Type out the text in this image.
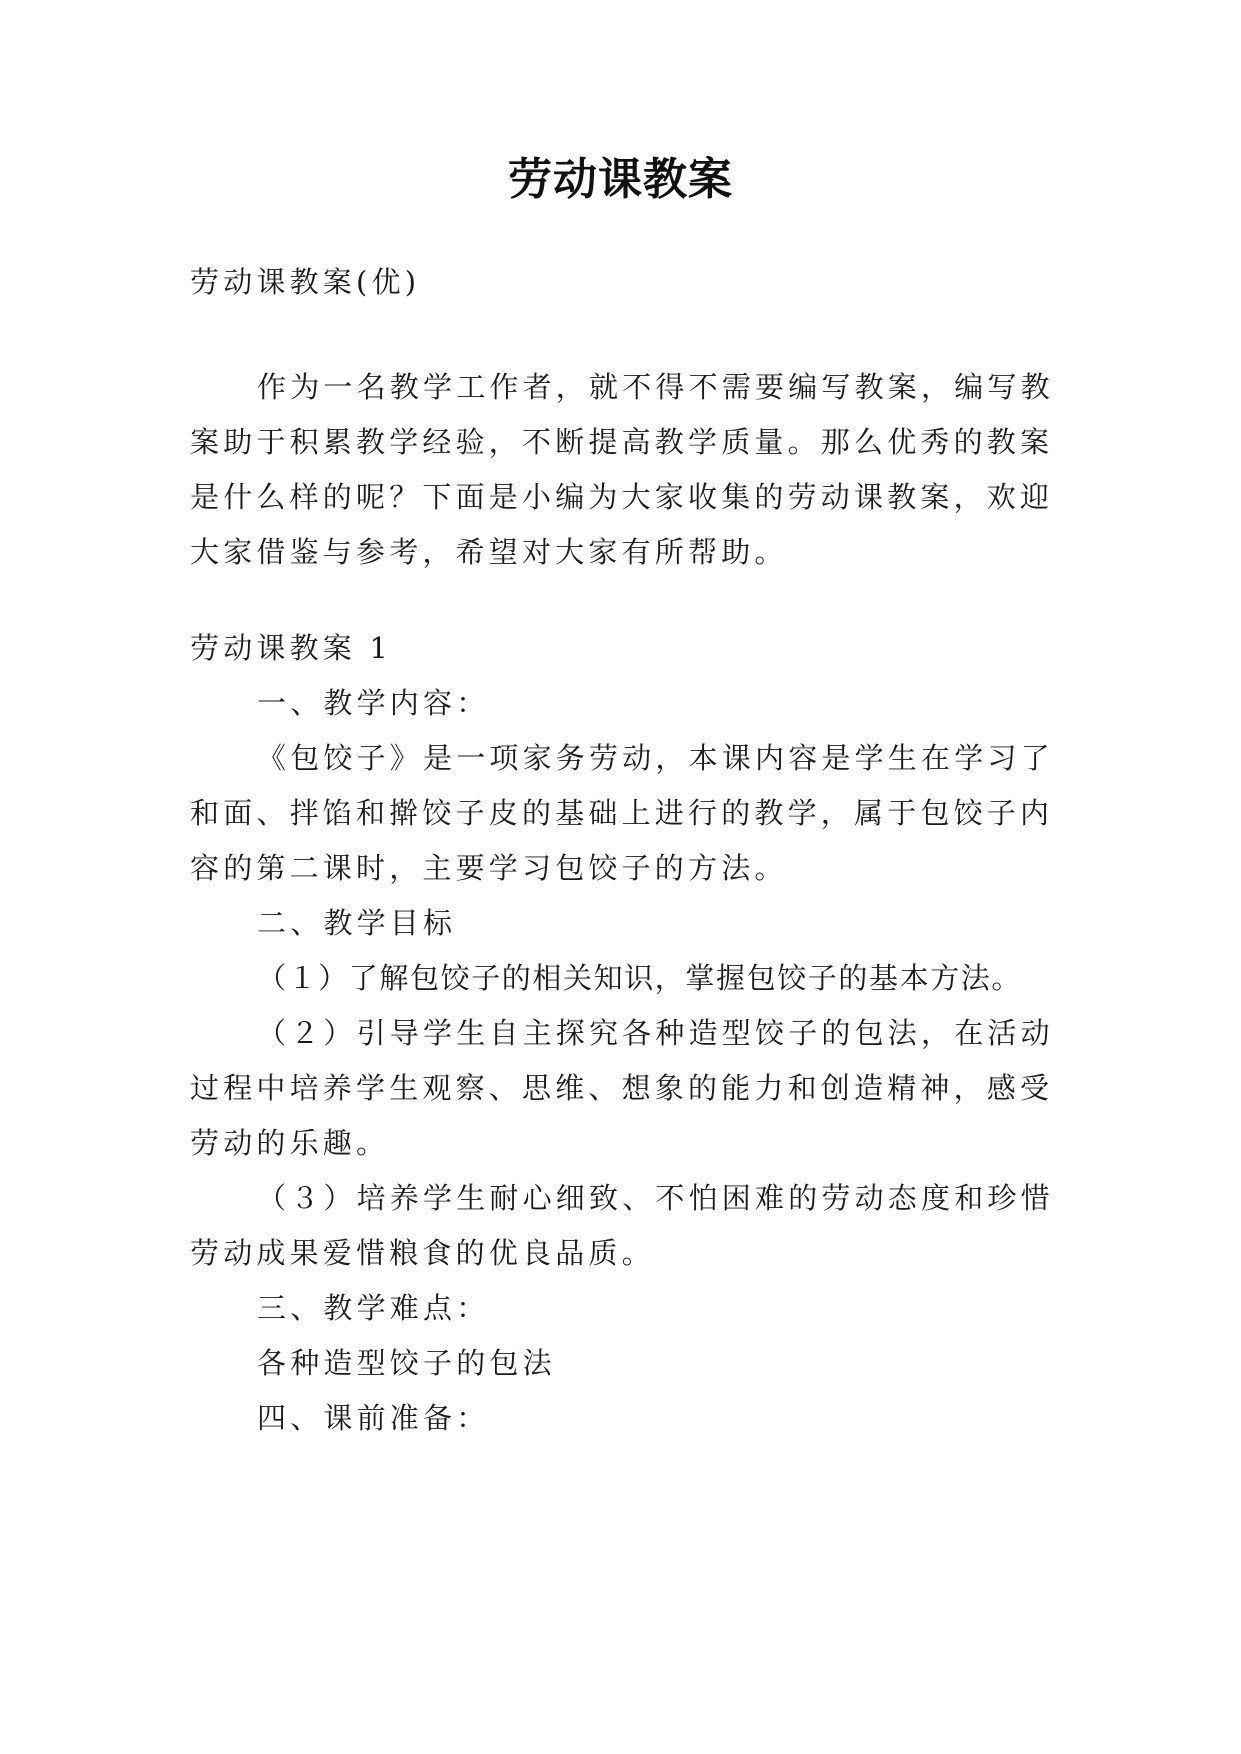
劳动课教案
劳动课教案(优)
作为一名教学工作者，就不得不需要编写教案，编写教
案助于积累教学经验，不断提高教学质量。那么优秀的教案
是什么样的呢？下面是小编为大家收集的劳动课教案，欢迎
大家借鉴与参考，希望对大家有所帮助。
劳动课教案 1
一、教学内容：
《包饺子》是一项家务劳动，本课内容是学生在学习了
和面、拌馅和擀饺子皮的基础上进行的教学，属于包饺子内
容的第二课时，主要学习包饺子的方法。
二、教学目标
（１）了解包饺子的相关知识，掌握包饺子的基本方法。
（２）引导学生自主探究各种造型饺子的包法，在活动
过程中培养学生观察、思维、想象的能力和创造精神，感受
劳动的乐趣。
（３）培养学生耐心细致、不怕困难的劳动态度和珍惜
劳动成果爱惜粮食的优良品质。
三、教学难点：
各种造型饺子的包法
四、课前准备：
